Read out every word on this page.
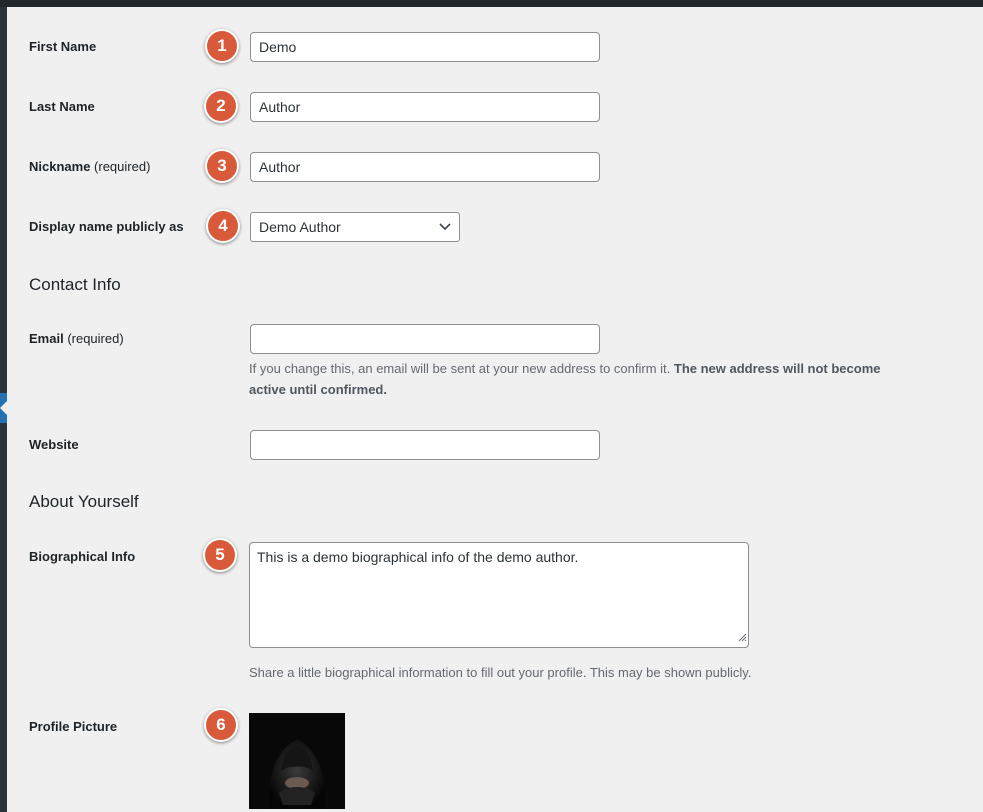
First Name	1	Demo
Last Name	2	Author
Nickname (required)	3	Author
Display name publicly as	4	Demo Author
Contact Info
Email (required)
If you change this, an email will be sent at your new address to confirm it. The new address will not become
active until confirmed.
Website
About Yourself
Biographical Info	5	This is a demo biographical info of the demo author.
Share a little biographical information to fill out your profile. This may be shown publicly.
Profile Picture	6
